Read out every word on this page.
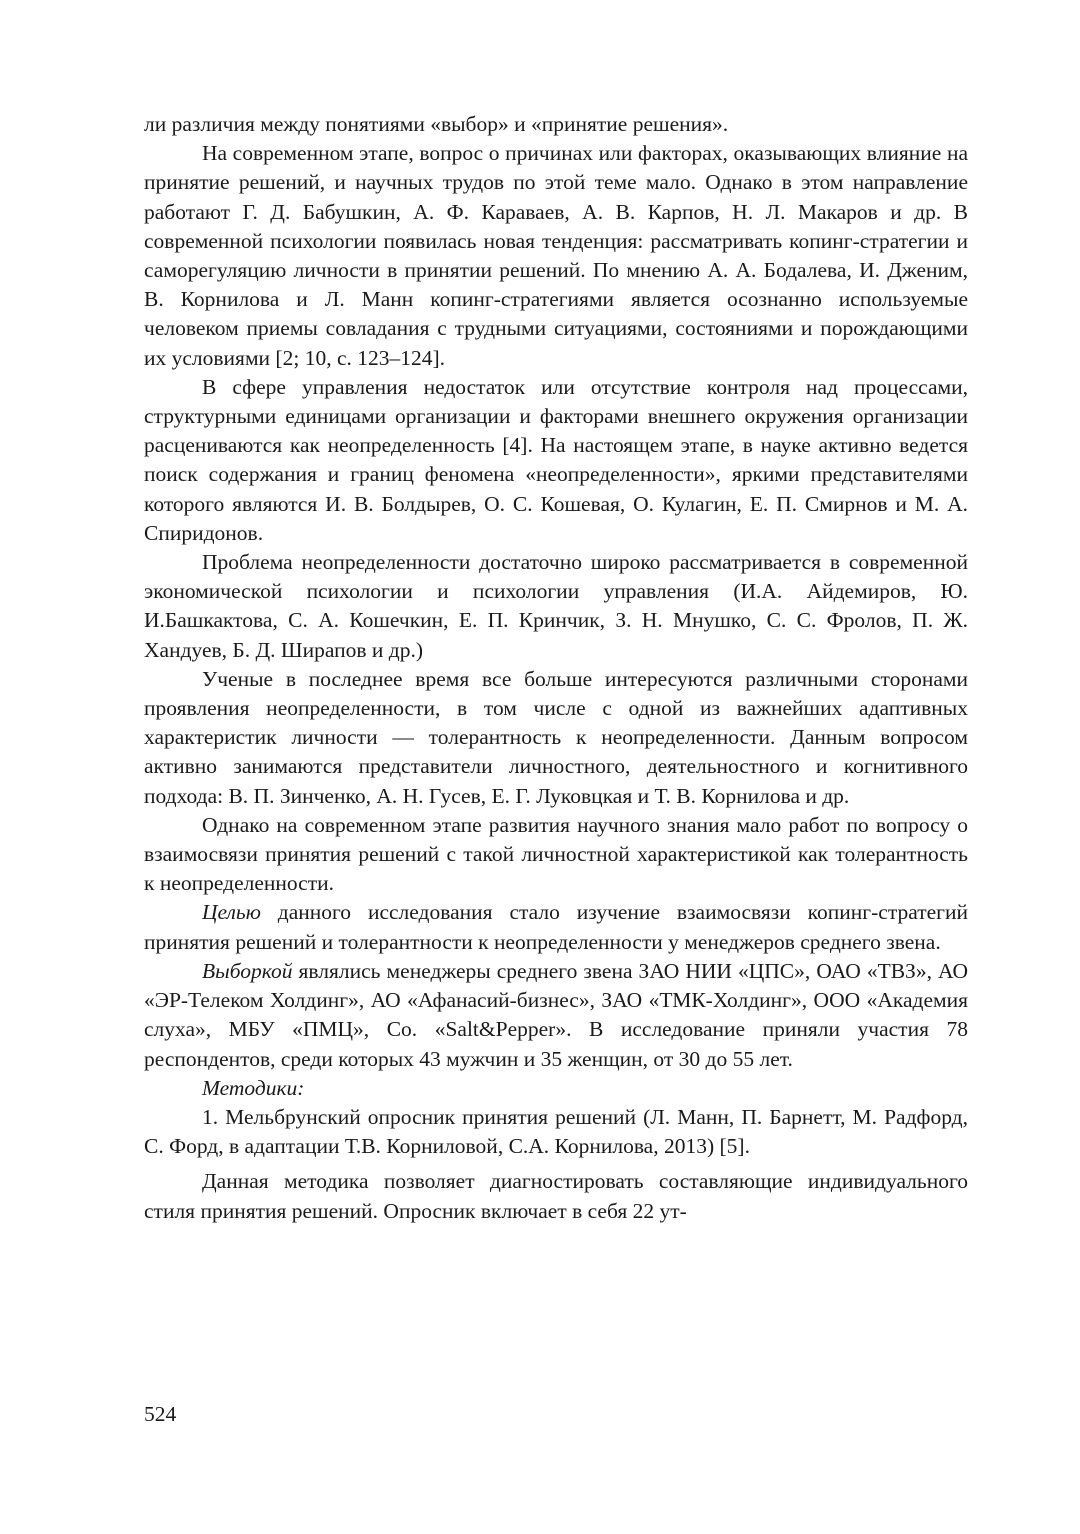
ли различия между понятиями «выбор» и «принятие решения».

На современном этапе, вопрос о причинах или факторах, оказывающих влияние на принятие решений, и научных трудов по этой теме мало. Однако в этом направление работают Г. Д. Бабушкин, А. Ф. Караваев, А. В. Карпов, Н. Л. Макаров и др. В современной психологии появилась новая тенденция: рассматривать копинг-стратегии и саморегуляцию личности в принятии решений. По мнению А. А. Бодалева, И. Дженим, В. Корнилова и Л. Манн копинг-стратегиями является осознанно используемые человеком приемы совладания с трудными ситуациями, состояниями и порождающими их условиями [2; 10, с. 123–124].

В сфере управления недостаток или отсутствие контроля над процессами, структурными единицами организации и факторами внешнего окружения организации расцениваются как неопределенность [4]. На настоящем этапе, в науке активно ведется поиск содержания и границ феномена «неопределенности», яркими представителями которого являются И. В. Болдырев, О. С. Кошевая, О. Кулагин, Е. П. Смирнов и М. А. Спиридонов.

Проблема неопределенности достаточно широко рассматривается в современной экономической психологии и психологии управления (И.А. Айдемиров, Ю. И.Башкактова, С. А. Кошечкин, Е. П. Кринчик, З. Н. Мнушко, С. С. Фролов, П. Ж. Хандуев, Б. Д. Ширапов и др.)

Ученые в последнее время все больше интересуются различными сторонами проявления неопределенности, в том числе с одной из важнейших адаптивных характеристик личности — толерантность к неопределенности. Данным вопросом активно занимаются представители личностного, деятельностного и когнитивного подхода: В. П. Зинченко, А. Н. Гусев, Е. Г. Луковцкая и Т. В. Корнилова и др.

Однако на современном этапе развития научного знания мало работ по вопросу о взаимосвязи принятия решений с такой личностной характеристикой как толерантность к неопределенности.

Целью данного исследования стало изучение взаимосвязи копинг-стратегий принятия решений и толерантности к неопределенности у менеджеров среднего звена.

Выборкой являлись менеджеры среднего звена ЗАО НИИ «ЦПС», ОАО «ТВЗ», АО «ЭР-Телеком Холдинг», АО «Афанасий-бизнес», ЗАО «ТМК-Холдинг», ООО «Академия слуха», МБУ «ПМЦ», Co. «Salt&Pepper». В исследование приняли участия 78 респондентов, среди которых 43 мужчин и 35 женщин, от 30 до 55 лет.

Методики:

1. Мельбрунский опросник принятия решений (Л. Манн, П. Барнетт, М. Радфорд, С. Форд, в адаптации Т.В. Корниловой, С.А. Корнилова, 2013) [5].

Данная методика позволяет диагностировать составляющие индивидуального стиля принятия решений. Опросник включает в себя 22 ут-

524
